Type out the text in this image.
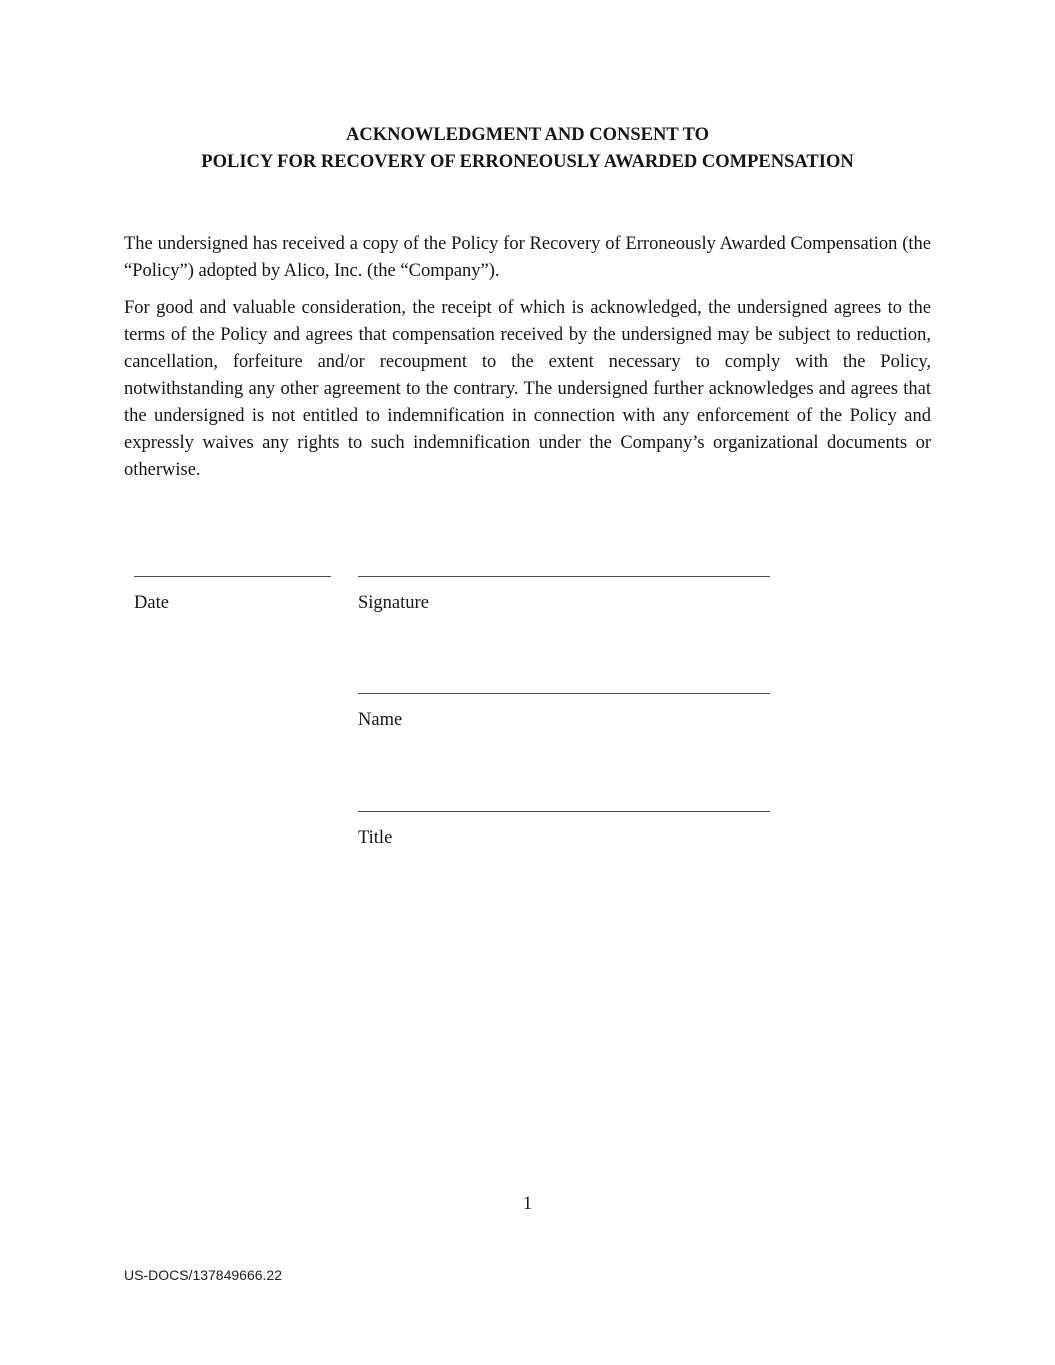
ACKNOWLEDGMENT AND CONSENT TO
POLICY FOR RECOVERY OF ERRONEOUSLY AWARDED COMPENSATION

The undersigned has received a copy of the Policy for Recovery of Erroneously Awarded Compensation (the “Policy”) adopted by Alico, Inc. (the “Company”).

For good and valuable consideration, the receipt of which is acknowledged, the undersigned agrees to the terms of the Policy and agrees that compensation received by the undersigned may be subject to reduction, cancellation, forfeiture and/or recoupment to the extent necessary to comply with the Policy, notwithstanding any other agreement to the contrary. The undersigned further acknowledges and agrees that the undersigned is not entitled to indemnification in connection with any enforcement of the Policy and expressly waives any rights to such indemnification under the Company’s organizational documents or otherwise.

Date	Signature
Name
Title
1
US-DOCS/137849666.22
